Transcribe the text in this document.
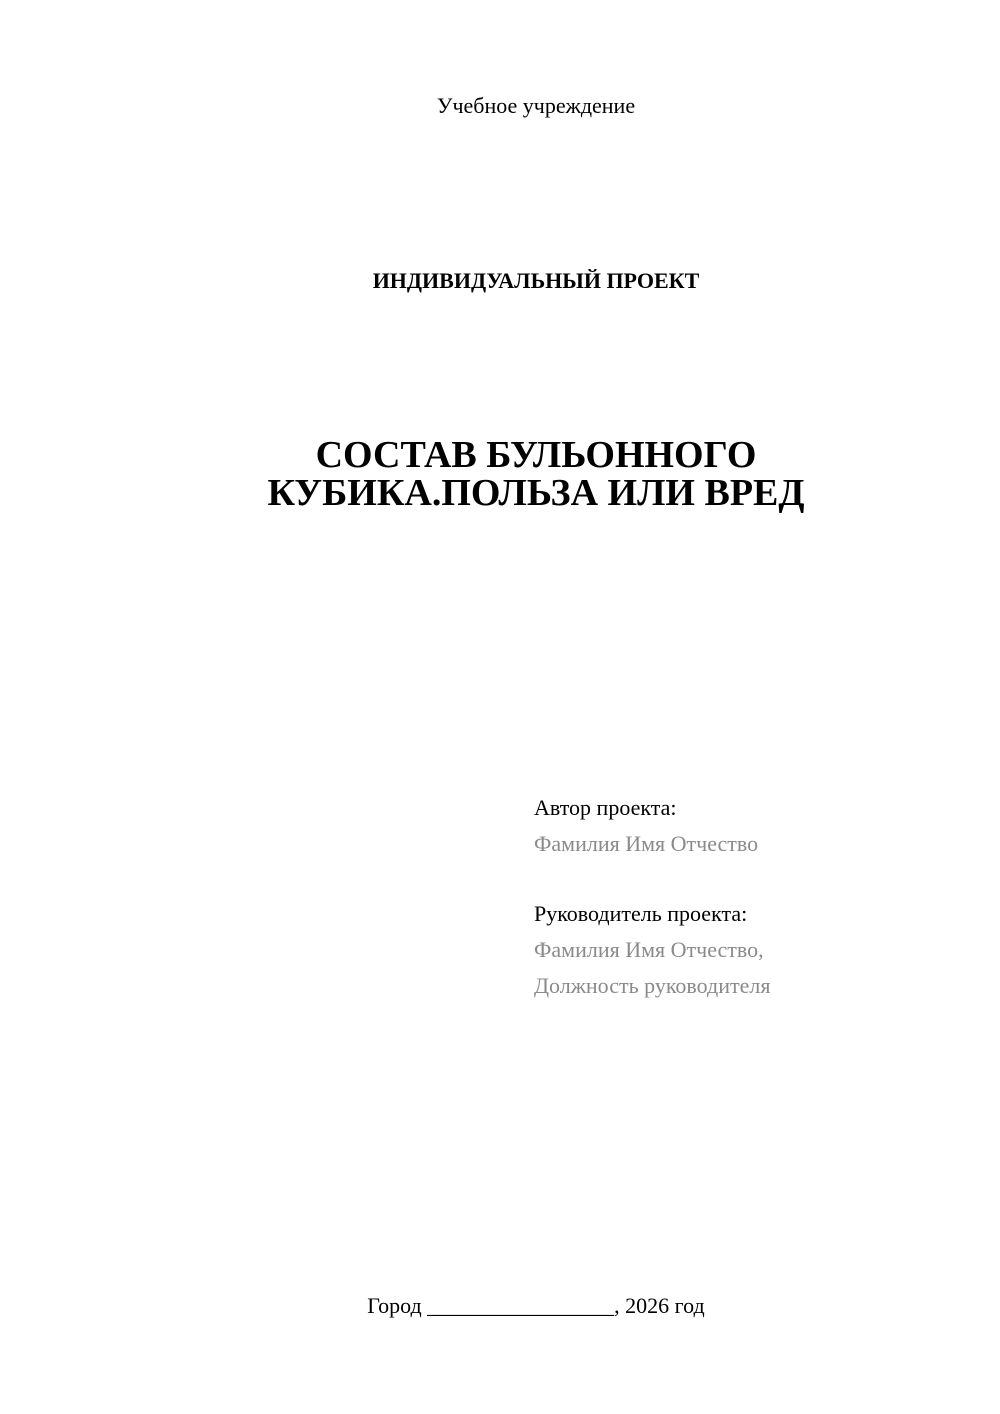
Учебное учреждение
ИНДИВИДУАЛЬНЫЙ ПРОЕКТ
СОСТАВ БУЛЬОННОГО
КУБИКА.ПОЛЬЗА ИЛИ ВРЕД
Автор проекта:
Фамилия Имя Отчество
Руководитель проекта:
Фамилия Имя Отчество,
Должность руководителя
Город _________________, 2026 год
